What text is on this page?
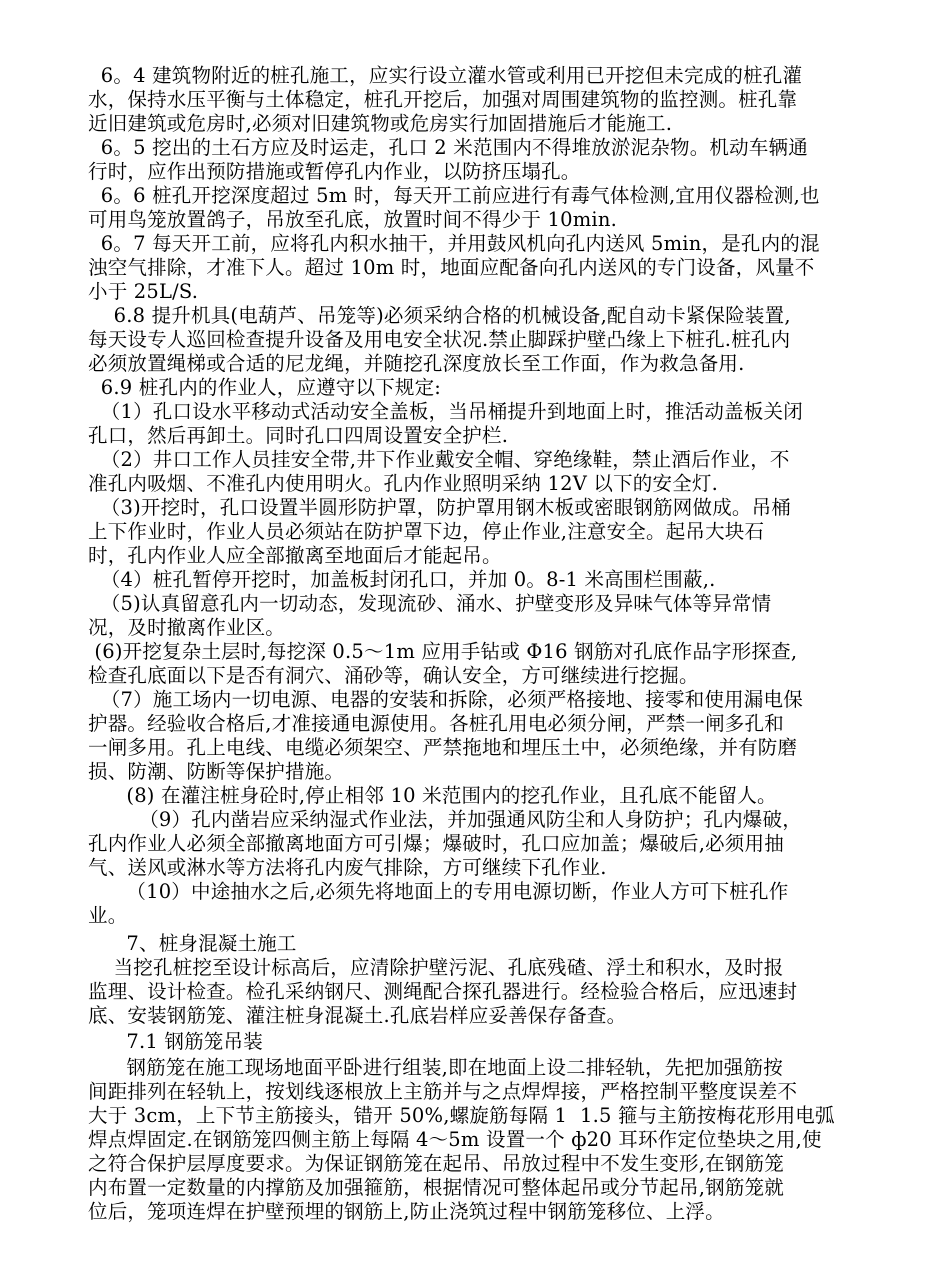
6。4 建筑物附近的桩孔施工，应实行设立灌水管或利用已开挖但未完成的桩孔灌
水，保持水压平衡与土体稳定，桩孔开挖后，加强对周围建筑物的监控测。桩孔靠
近旧建筑或危房时,必须对旧建筑物或危房实行加固措施后才能施工.
6。5 挖出的土石方应及时运走，孔口 2 米范围内不得堆放淤泥杂物。机动车辆通
行时，应作出预防措施或暂停孔内作业，以防挤压塌孔。
6。6 桩孔开挖深度超过 5m 时，每天开工前应进行有毒气体检测,宜用仪器检测,也
可用鸟笼放置鸽子，吊放至孔底，放置时间不得少于 10min.
6。7 每天开工前，应将孔内积水抽干，并用鼓风机向孔内送风 5min，是孔内的混
浊空气排除，才准下人。超过 10m 时，地面应配备向孔内送风的专门设备，风量不
小于 25L/S.
6.8 提升机具(电葫芦、吊笼等)必须采纳合格的机械设备,配自动卡紧保险装置,
每天设专人巡回检查提升设备及用电安全状况.禁止脚踩护壁凸缘上下桩孔.桩孔内
必须放置绳梯或合适的尼龙绳，并随挖孔深度放长至工作面，作为救急备用.
6.9 桩孔内的作业人，应遵守以下规定:
（1）孔口设水平移动式活动安全盖板，当吊桶提升到地面上时，推活动盖板关闭
孔口，然后再卸土。同时孔口四周设置安全护栏.
（2）井口工作人员挂安全带,井下作业戴安全帽、穿绝缘鞋，禁止酒后作业，不
准孔内吸烟、不准孔内使用明火。孔内作业照明采纳 12V 以下的安全灯.
（3)开挖时，孔口设置半圆形防护罩，防护罩用钢木板或密眼钢筋网做成。吊桶
上下作业时，作业人员必须站在防护罩下边，停止作业,注意安全。起吊大块石
时，孔内作业人应全部撤离至地面后才能起吊。
（4）桩孔暂停开挖时，加盖板封闭孔口，并加 0。8-1 米高围栏围蔽,.
（5)认真留意孔内一切动态，发现流砂、涌水、护壁变形及异味气体等异常情
况，及时撤离作业区。
(6)开挖复杂土层时,每挖深 0.5～1m 应用手钻或 Φ16 钢筋对孔底作品字形探查,
检查孔底面以下是否有洞穴、涌砂等，确认安全，方可继续进行挖掘。
（7）施工场内一切电源、电器的安装和拆除，必须严格接地、接零和使用漏电保
护器。经验收合格后,才准接通电源使用。各桩孔用电必须分闸，严禁一闸多孔和
一闸多用。孔上电线、电缆必须架空、严禁拖地和埋压土中，必须绝缘，并有防磨
损、防潮、防断等保护措施。
(8) 在灌注桩身砼时,停止相邻 10 米范围内的挖孔作业，且孔底不能留人。
（9）孔内凿岩应采纳湿式作业法，并加强通风防尘和人身防护；孔内爆破，
孔内作业人必须全部撤离地面方可引爆；爆破时，孔口应加盖；爆破后,必须用抽
气、送风或淋水等方法将孔内废气排除，方可继续下孔作业.
（10）中途抽水之后,必须先将地面上的专用电源切断，作业人方可下桩孔作
业。
7、桩身混凝土施工
当挖孔桩挖至设计标高后，应清除护壁污泥、孔底残碴、浮土和积水，及时报
监理、设计检查。检孔采纳钢尺、测绳配合探孔器进行。经检验合格后，应迅速封
底、安装钢筋笼、灌注桩身混凝土.孔底岩样应妥善保存备查。
7.1 钢筋笼吊装
钢筋笼在施工现场地面平卧进行组装,即在地面上设二排轻轨，先把加强筋按
间距排列在轻轨上，按划线逐根放上主筋并与之点焊焊接，严格控制平整度误差不
大于 3cm，上下节主筋接头，错开 50%,螺旋筋每隔 1  1.5 箍与主筋按梅花形用电弧
焊点焊固定.在钢筋笼四侧主筋上每隔 4～5m 设置一个 ф20 耳环作定位垫块之用,使
之符合保护层厚度要求。为保证钢筋笼在起吊、吊放过程中不发生变形,在钢筋笼
内布置一定数量的内撑筋及加强箍筋，根据情况可整体起吊或分节起吊,钢筋笼就
位后，笼项连焊在护壁预埋的钢筋上,防止浇筑过程中钢筋笼移位、上浮。
